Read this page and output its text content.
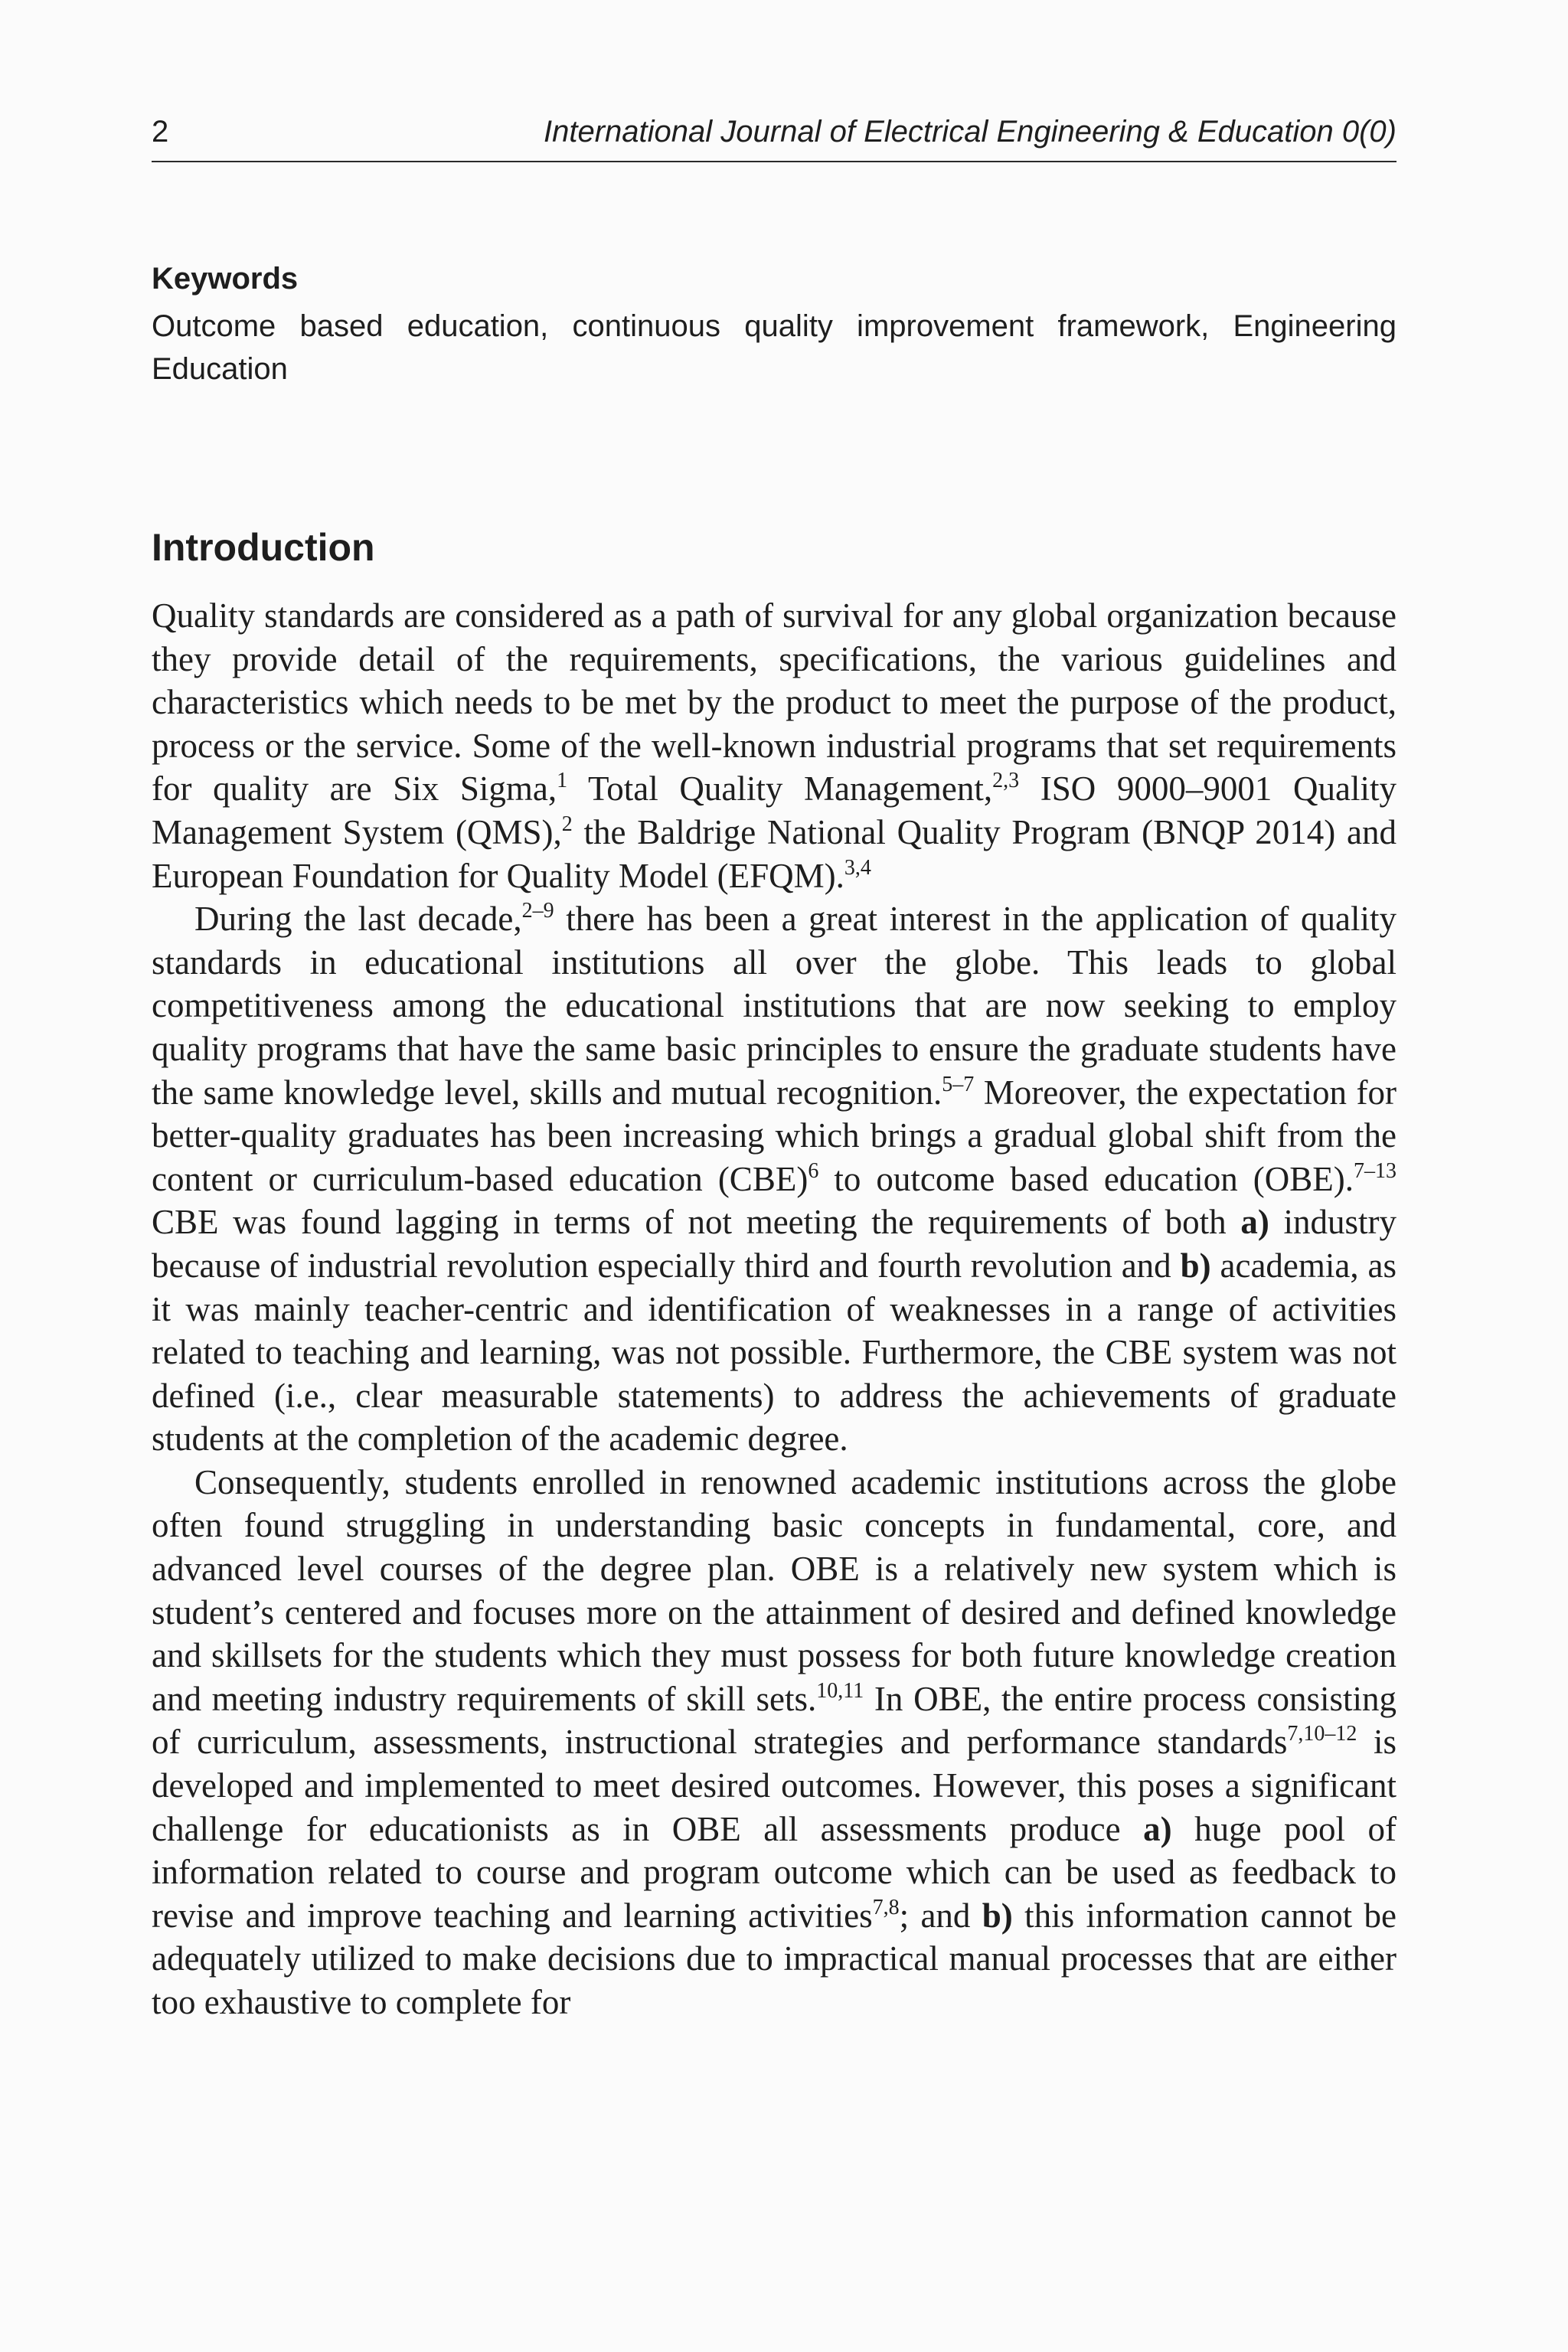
2	International Journal of Electrical Engineering & Education 0(0)
Keywords
Outcome based education, continuous quality improvement framework, Engineering Education
Introduction

Quality standards are considered as a path of survival for any global organization because they provide detail of the requirements, specifications, the various guidelines and characteristics which needs to be met by the product to meet the purpose of the product, process or the service. Some of the well-known industrial programs that set requirements for quality are Six Sigma,$^1$ Total Quality Management,$^{2,3}$ ISO 9000–9001 Quality Management System (QMS),$^2$ the Baldrige National Quality Program (BNQP 2014) and European Foundation for Quality Model (EFQM).$^{3,4}$

During the last decade,$^{2-9}$ there has been a great interest in the application of quality standards in educational institutions all over the globe. This leads to global competitiveness among the educational institutions that are now seeking to employ quality programs that have the same basic principles to ensure the graduate students have the same knowledge level, skills and mutual recognition.$^{5-7}$ Moreover, the expectation for better-quality graduates has been increasing which brings a gradual global shift from the content or curriculum-based education (CBE)$^6$ to outcome based education (OBE).$^{7-13}$ CBE was found lagging in terms of not meeting the requirements of both a) industry because of industrial revolution especially third and fourth revolution and b) academia, as it was mainly teacher-centric and identification of weaknesses in a range of activities related to teaching and learning, was not possible. Furthermore, the CBE system was not defined (i.e., clear measurable statements) to address the achievements of graduate students at the completion of the academic degree.

Consequently, students enrolled in renowned academic institutions across the globe often found struggling in understanding basic concepts in fundamental, core, and advanced level courses of the degree plan. OBE is a relatively new system which is student’s centered and focuses more on the attainment of desired and defined knowledge and skillsets for the students which they must possess for both future knowledge creation and meeting industry requirements of skill sets.$^{10,11}$ In OBE, the entire process consisting of curriculum, assessments, instructional strategies and performance standards$^{7,10-12}$ is developed and implemented to meet desired outcomes. However, this poses a significant challenge for educationists as in OBE all assessments produce a) huge pool of information related to course and program outcome which can be used as feedback to revise and improve teaching and learning activities$^{7,8}$; and b) this information cannot be adequately utilized to make decisions due to impractical manual processes that are either too exhaustive to complete for
